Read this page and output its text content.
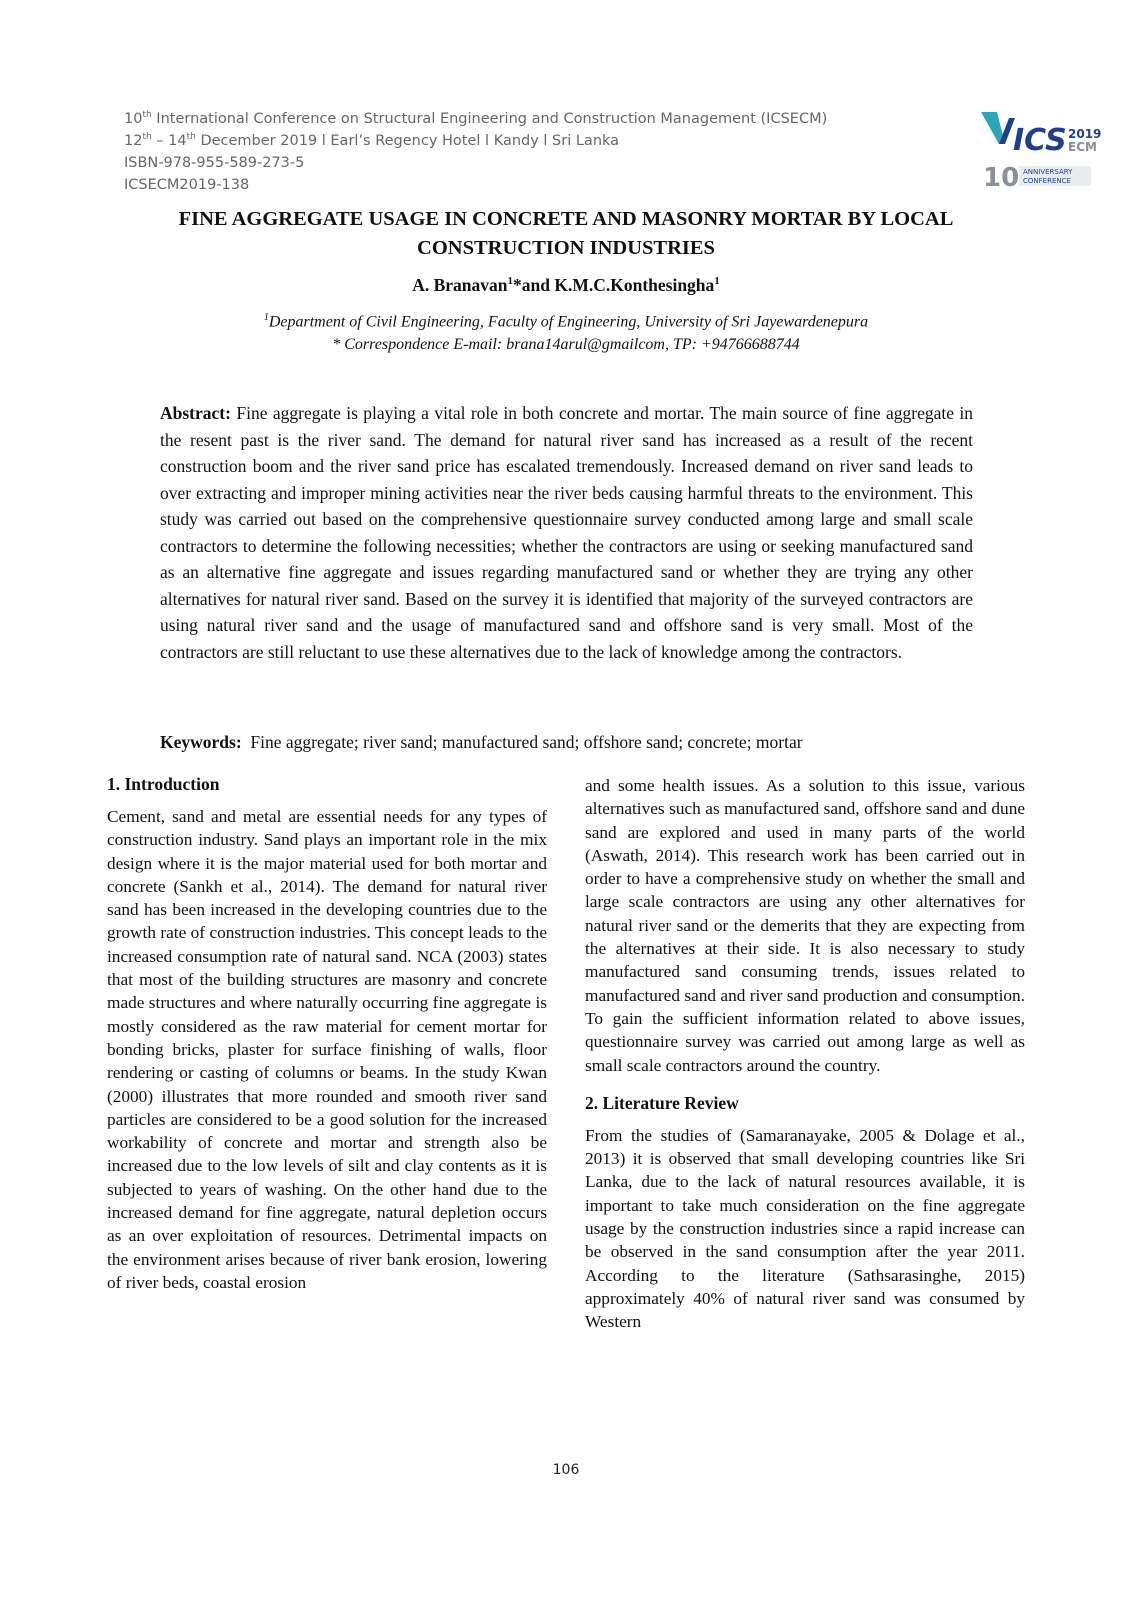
10th International Conference on Structural Engineering and Construction Management (ICSECM)
12th – 14th December 2019 l Earl’s Regency Hotel l Kandy l Sri Lanka
ISBN-978-955-589-273-5
ICSECM2019-138
ICS 2019
ECM
10 ANNIVERSARY
CONFERENCE
FINE AGGREGATE USAGE IN CONCRETE AND MASONRY MORTAR BY LOCAL
CONSTRUCTION INDUSTRIES
A. Branavan$^1$*and K.M.C.Konthesingha$^1$
$^1$Department of Civil Engineering, Faculty of Engineering, University of Sri Jayewardenepura
* Correspondence E-mail: brana14arul@gmailcom, TP: +94766688744

Abstract: Fine aggregate is playing a vital role in both concrete and mortar. The main source of fine aggregate in the resent past is the river sand. The demand for natural river sand has increased as a result of the recent construction boom and the river sand price has escalated tremendously. Increased demand on river sand leads to over extracting and improper mining activities near the river beds causing harmful threats to the environment. This study was carried out based on the comprehensive questionnaire survey conducted among large and small scale contractors to determine the following necessities; whether the contractors are using or seeking manufactured sand as an alternative fine aggregate and issues regarding manufactured sand or whether they are trying any other alternatives for natural river sand. Based on the survey it is identified that majority of the surveyed contractors are using natural river sand and the usage of manufactured sand and offshore sand is very small. Most of the contractors are still reluctant to use these alternatives due to the lack of knowledge among the contractors.

Keywords:  Fine aggregate; river sand; manufactured sand; offshore sand; concrete; mortar

1. Introduction

Cement, sand and metal are essential needs for any types of construction industry. Sand plays an important role in the mix design where it is the major material used for both mortar and concrete (Sankh et al., 2014). The demand for natural river sand has been increased in the developing countries due to the growth rate of construction industries. This concept leads to the increased consumption rate of natural sand. NCA (2003) states that most of the building structures are masonry and concrete made structures and where naturally occurring fine aggregate is mostly considered as the raw material for cement mortar for bonding bricks, plaster for surface finishing of walls, floor rendering or casting of columns or beams. In the study Kwan (2000) illustrates that more rounded and smooth river sand particles are considered to be a good solution for the increased workability of concrete and mortar and strength also be increased due to the low levels of silt and clay contents as it is subjected to years of washing. On the other hand due to the increased demand for fine aggregate, natural depletion occurs as an over exploitation of resources. Detrimental impacts on the environment arises because of river bank erosion, lowering of river beds, coastal erosion

and some health issues. As a solution to this issue, various alternatives such as manufactured sand, offshore sand and dune sand are explored and used in many parts of the world (Aswath, 2014). This research work has been carried out in order to have a comprehensive study on whether the small and large scale contractors are using any other alternatives for natural river sand or the demerits that they are expecting from the alternatives at their side. It is also necessary to study manufactured sand consuming trends, issues related to manufactured sand and river sand production and consumption. To gain the sufficient information related to above issues, questionnaire survey was carried out among large as well as small scale contractors around the country.

2. Literature Review

From the studies of (Samaranayake, 2005 & Dolage et al., 2013) it is observed that small developing countries like Sri Lanka, due to the lack of natural resources available, it is important to take much consideration on the fine aggregate usage by the construction industries since a rapid increase can be observed in the sand consumption after the year 2011. According to the literature (Sathsarasinghe, 2015) approximately 40% of natural river sand was consumed by Western

106
